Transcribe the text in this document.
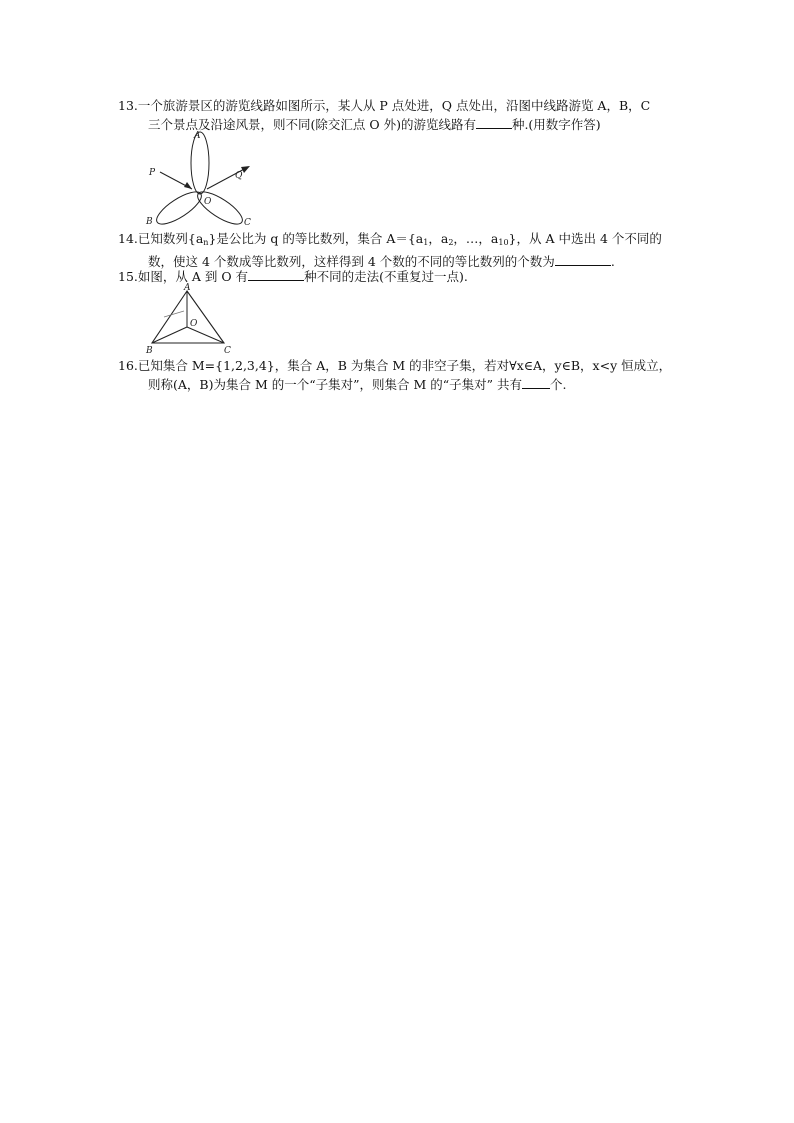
13.一个旅游景区的游览线路如图所示，某人从 P 点处进，Q 点处出，沿图中线路游览 A，B，C
三个景点及沿途风景，则不同(除交汇点 O 外)的游览线路有	种.(用数字作答)
A
P	Q
O
B	C
14.已知数列$\{a_n\}$是公比为 q 的等比数列，集合 $A=\{a_1$，$a_2$，…，$a_{10}$}，从 A 中选出 4 个不同的
数，使这 4 个数成等比数列，这样得到 4 个数的不同的等比数列的个数为	.
15.如图，从 A 到 O 有	种不同的走法(不重复过一点).
A
O
B	C
16.已知集合 M={1,2,3,4}，集合 A，B 为集合 M 的非空子集，若对∀x∈A，y∈B，x<y 恒成立，
则称(A，B)为集合 M 的一个“子集对”，则集合 M 的“子集对” 共有 个.
